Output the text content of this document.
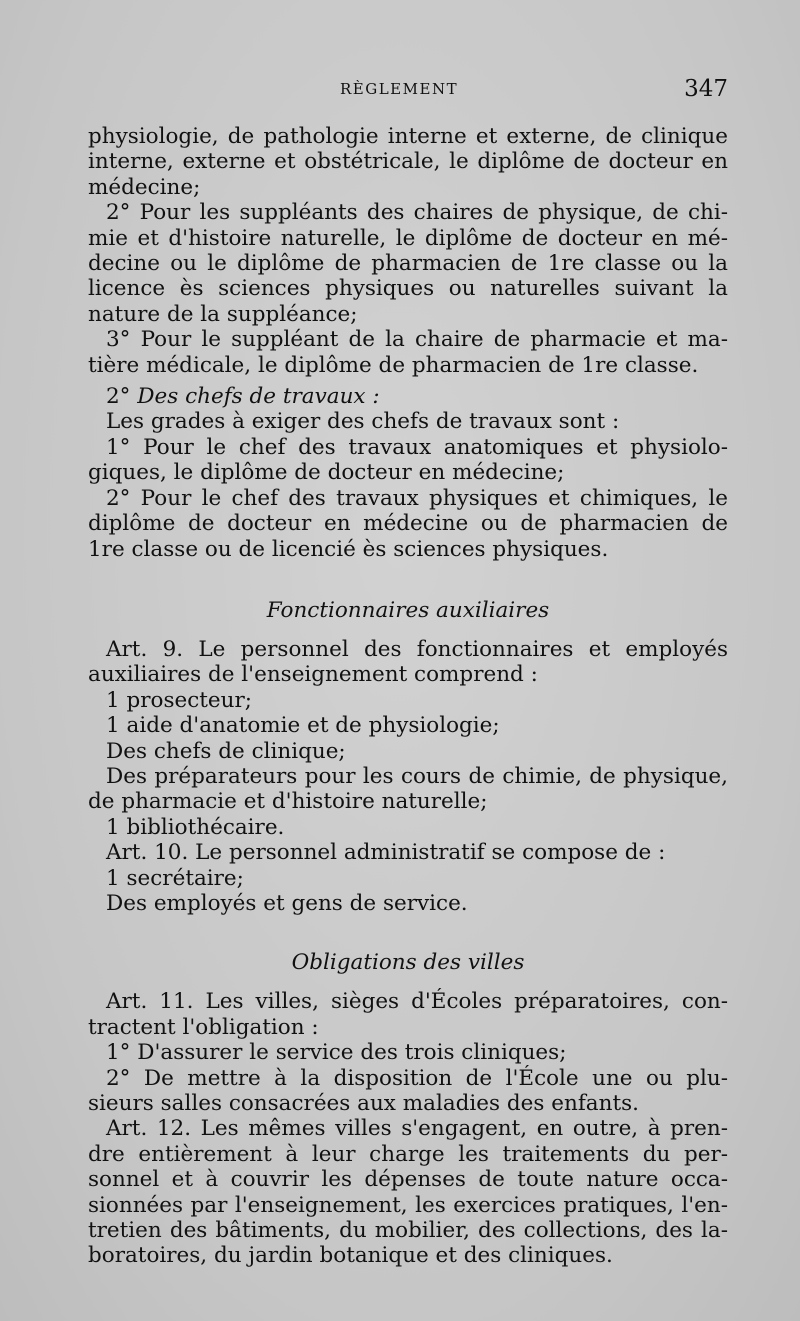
RÈGLEMENT	347

physiologie, de pathologie interne et externe, de clinique

interne, externe et obstétricale, le diplôme de docteur en

médecine;

2° Pour les suppléants des chaires de physique, de chi-

mie et d'histoire naturelle, le diplôme de docteur en mé-

decine ou le diplôme de pharmacien de 1re classe ou la

licence ès sciences physiques ou naturelles suivant la

nature de la suppléance;

3° Pour le suppléant de la chaire de pharmacie et ma-

tière médicale, le diplôme de pharmacien de 1re classe.

2° Des chefs de travaux :

Les grades à exiger des chefs de travaux sont :

1° Pour le chef des travaux anatomiques et physiolo-

giques, le diplôme de docteur en médecine;

2° Pour le chef des travaux physiques et chimiques, le

diplôme de docteur en médecine ou de pharmacien de

1re classe ou de licencié ès sciences physiques.

Fonctionnaires auxiliaires

Art. 9. Le personnel des fonctionnaires et employés

auxiliaires de l'enseignement comprend :

1 prosecteur;

1 aide d'anatomie et de physiologie;

Des chefs de clinique;

Des préparateurs pour les cours de chimie, de physique,

de pharmacie et d'histoire naturelle;

1 bibliothécaire.

Art. 10. Le personnel administratif se compose de :

1 secrétaire;

Des employés et gens de service.

Obligations des villes

Art. 11. Les villes, sièges d'Écoles préparatoires, con-

tractent l'obligation :

1° D'assurer le service des trois cliniques;

2° De mettre à la disposition de l'École une ou plu-

sieurs salles consacrées aux maladies des enfants.

Art. 12. Les mêmes villes s'engagent, en outre, à pren-

dre entièrement à leur charge les traitements du per-

sonnel et à couvrir les dépenses de toute nature occa-

sionnées par l'enseignement, les exercices pratiques, l'en-

tretien des bâtiments, du mobilier, des collections, des la-

boratoires, du jardin botanique et des cliniques.
